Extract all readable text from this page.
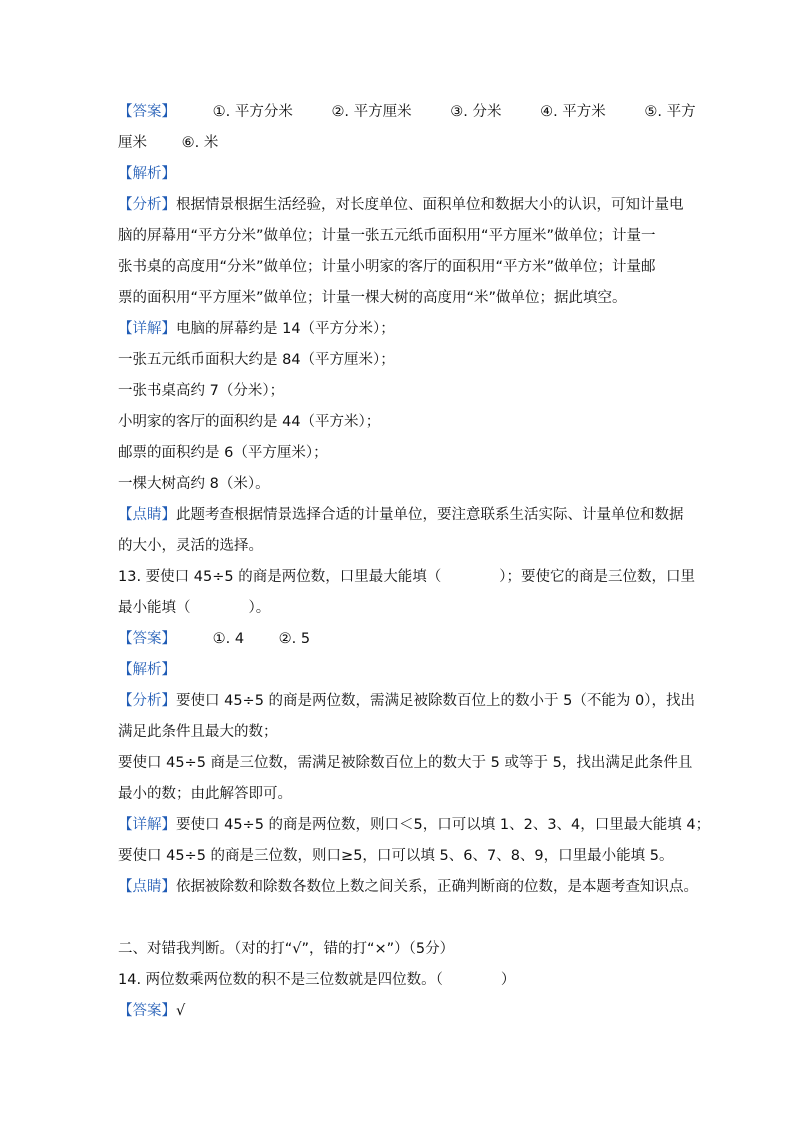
【答案】	①. 平方分米	②. 平方厘米	③. 分米	④. 平方米	⑤. 平方
厘米 ⑥. 米
【解析】
【分析】根据情景根据生活经验，对长度单位、面积单位和数据大小的认识，可知计量电
脑的屏幕用“平方分米”做单位；计量一张五元纸币面积用“平方厘米”做单位；计量一
张书桌的高度用“分米”做单位；计量小明家的客厅的面积用“平方米”做单位；计量邮
票的面积用“平方厘米”做单位；计量一棵大树的高度用“米”做单位；据此填空。
【详解】电脑的屏幕约是 14（平方分米）；
一张五元纸币面积大约是 84（平方厘米）；
一张书桌高约 7（分米）；
小明家的客厅的面积约是 44（平方米）；
邮票的面积约是 6（平方厘米）；
一棵大树高约 8（米）。
【点睛】此题考查根据情景选择合适的计量单位，要注意联系生活实际、计量单位和数据
的大小，灵活的选择。
13. 要使口 45÷5 的商是两位数，口里最大能填（　　　　）；要使它的商是三位数，口里
最小能填（　　　　）。
【答案】	①. 4 ②. 5
【解析】
【分析】要使口 45÷5 的商是两位数，需满足被除数百位上的数小于 5（不能为 0），找出
满足此条件且最大的数；
要使口 45÷5 商是三位数，需满足被除数百位上的数大于 5 或等于 5，找出满足此条件且
最小的数；由此解答即可。
【详解】要使口 45÷5 的商是两位数，则口＜5，口可以填 1、2、3、4，口里最大能填 4；
要使口 45÷5 的商是三位数，则口≥5，口可以填 5、6、7、8、9，口里最小能填 5。
【点睛】依据被除数和除数各数位上数之间关系，正确判断商的位数，是本题考查知识点。
二、对错我判断。（对的打“√”，错的打“×”）（5分）
14. 两位数乘两位数的积不是三位数就是四位数。（　　　　）
【答案】√
